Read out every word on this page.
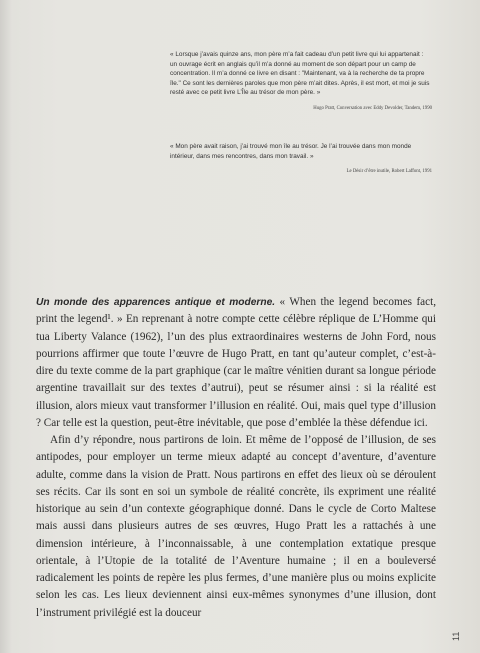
« Lorsque j’avais quinze ans, mon père m’a fait cadeau d’un petit livre qui lui appartenait : un ouvrage écrit en anglais qu’il m’a donné au moment de son départ pour un camp de concentration. Il m’a donné ce livre en disant : "Maintenant, va à la recherche de ta propre île." Ce sont les dernières paroles que mon père m’ait dites. Après, il est mort, et moi je suis resté avec ce petit livre L’Île au trésor de mon père. »

Hugo Pratt, Conversation avec Eddy Devolder, Tandem, 1990

« Mon père avait raison, j’ai trouvé mon île au trésor. Je l’ai trouvée dans mon monde intérieur, dans mes rencontres, dans mon travail. »

Le Désir d’être inutile, Robert Laffont, 1991

Un monde des apparences antique et moderne. « When the legend becomes fact, print the legend¹. » En reprenant à notre compte cette célèbre réplique de L’Homme qui tua Liberty Valance (1962), l’un des plus extraordinaires westerns de John Ford, nous pourrions affirmer que toute l’œuvre de Hugo Pratt, en tant qu’auteur complet, c’est-à-dire du texte comme de la part graphique (car le maître vénitien durant sa longue période argentine travaillait sur des textes d’autrui), peut se résumer ainsi : si la réalité est illusion, alors mieux vaut transformer l’illusion en réalité. Oui, mais quel type d’illusion ? Car telle est la question, peut-être inévitable, que pose d’emblée la thèse défendue ici.

Afin d’y répondre, nous partirons de loin. Et même de l’opposé de l’illusion, de ses antipodes, pour employer un terme mieux adapté au concept d’aventure, d’aventure adulte, comme dans la vision de Pratt. Nous partirons en effet des lieux où se déroulent ses récits. Car ils sont en soi un symbole de réalité concrète, ils expriment une réalité historique au sein d’un contexte géographique donné. Dans le cycle de Corto Maltese mais aussi dans plusieurs autres de ses œuvres, Hugo Pratt les a rattachés à une dimension intérieure, à l’inconnaissable, à une contemplation extatique presque orientale, à l’Utopie de la totalité de l’Aventure humaine ; il en a bouleversé radicalement les points de repère les plus fermes, d’une manière plus ou moins explicite selon les cas. Les lieux deviennent ainsi eux-mêmes synonymes d’une illusion, dont l’instrument privilégié est la douceur

11
